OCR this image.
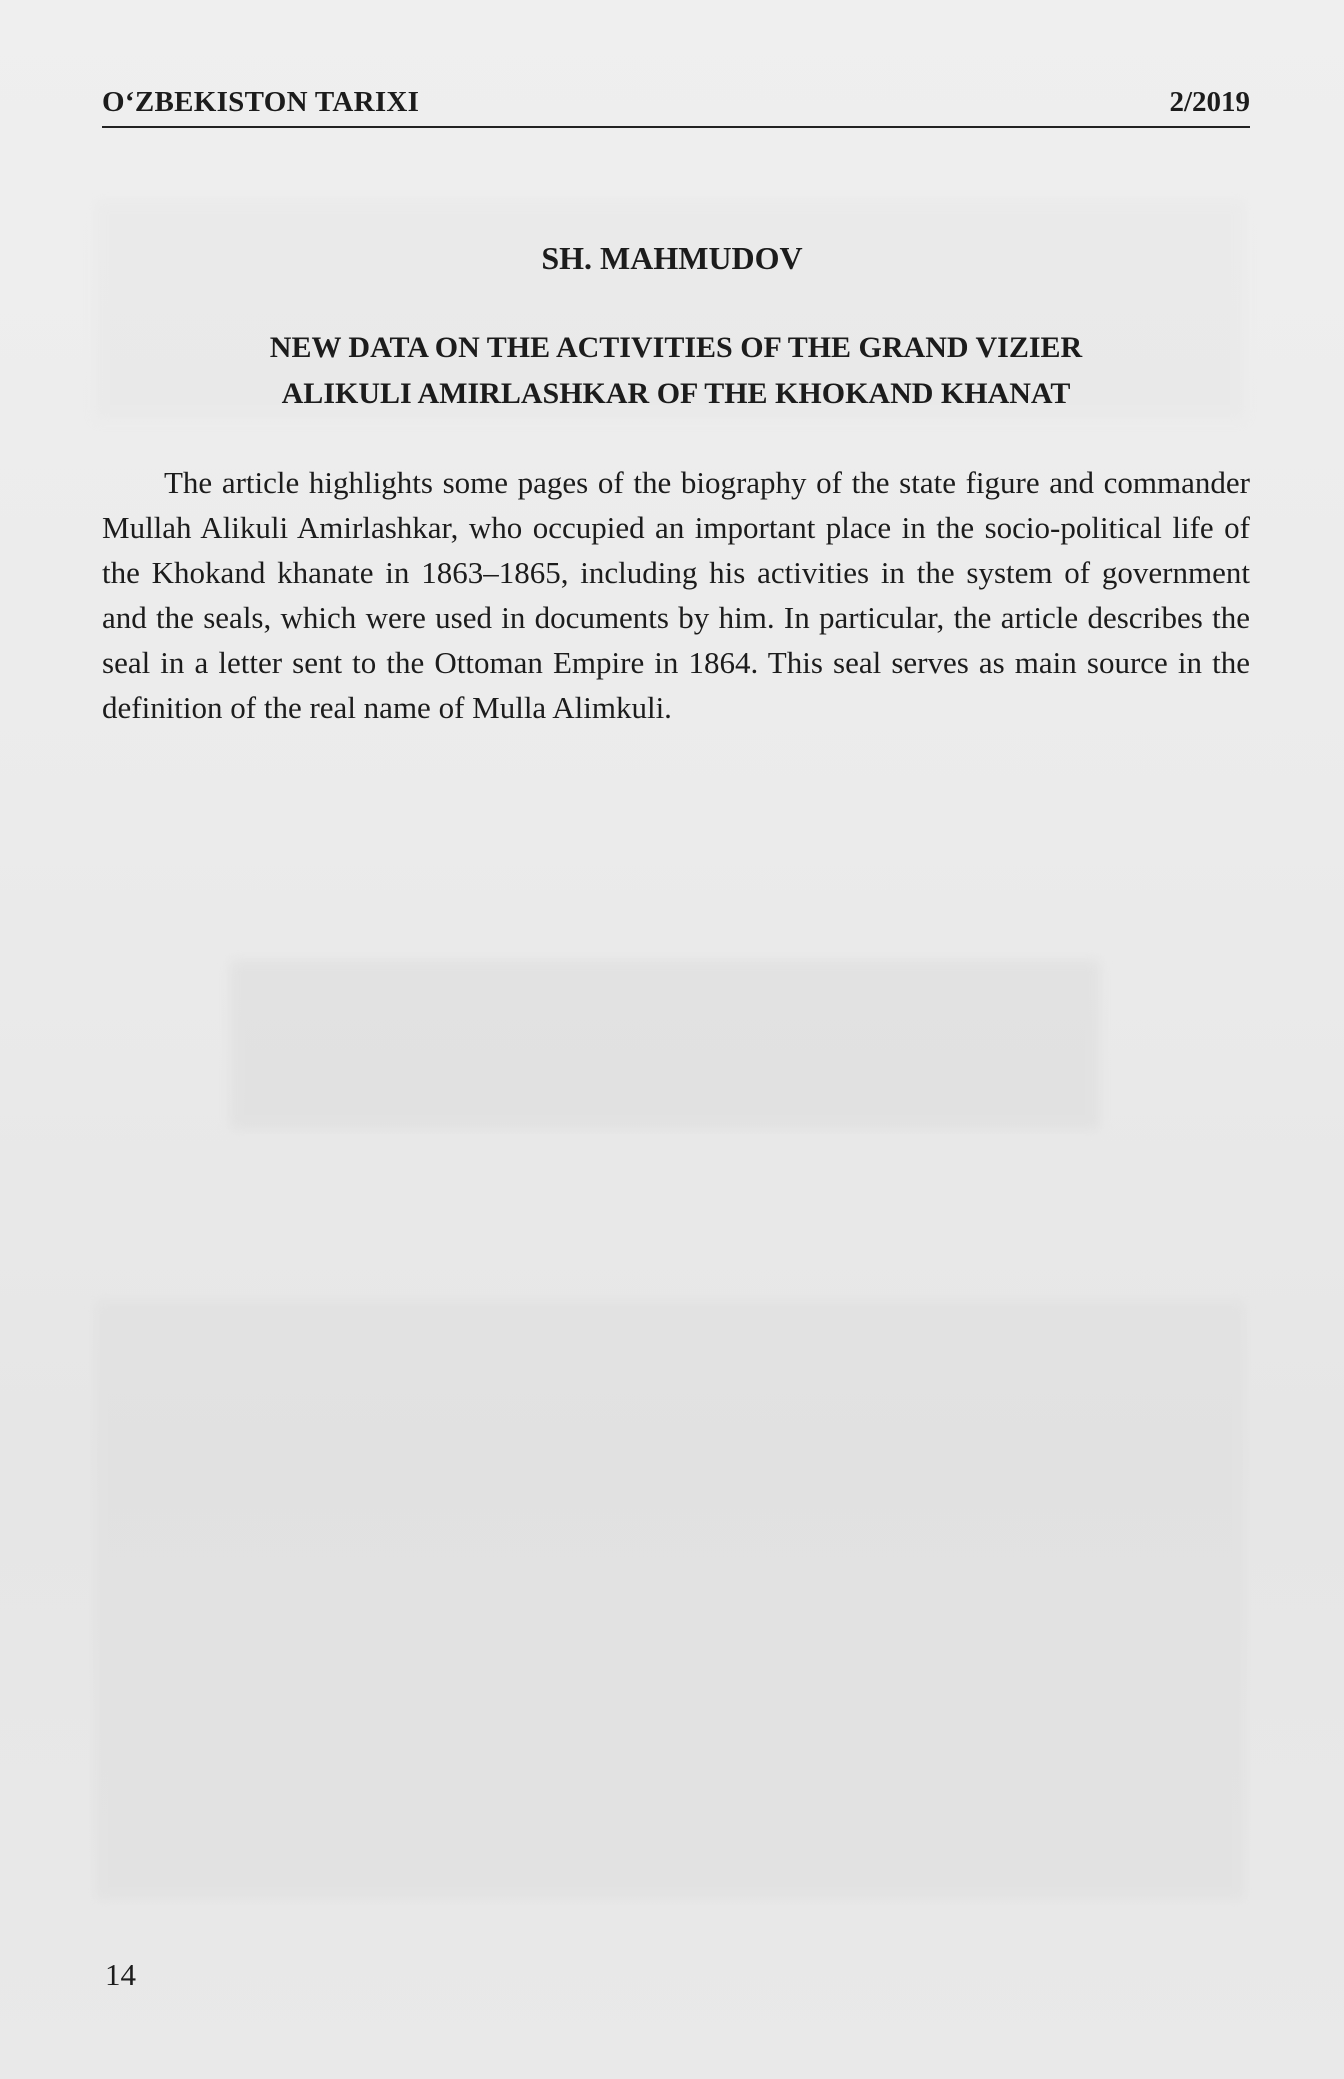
O‘ZBEKISTON TARIXI	2/2019
SH. MAHMUDOV
NEW DATA ON THE ACTIVITIES OF THE GRAND VIZIER
ALIKULI AMIRLASHKAR OF THE KHOKAND KHANAT

The article highlights some pages of the biography of the state figure and commander Mullah Alikuli Amirlashkar, who occupied an important place in the socio-political life of the Khokand khanate in 1863–1865, including his activities in the system of government and the seals, which were used in documents by him. In particular, the article describes the seal in a letter sent to the Ottoman Empire in 1864. This seal serves as main source in the definition of the real name of Mulla Alimkuli.

14
